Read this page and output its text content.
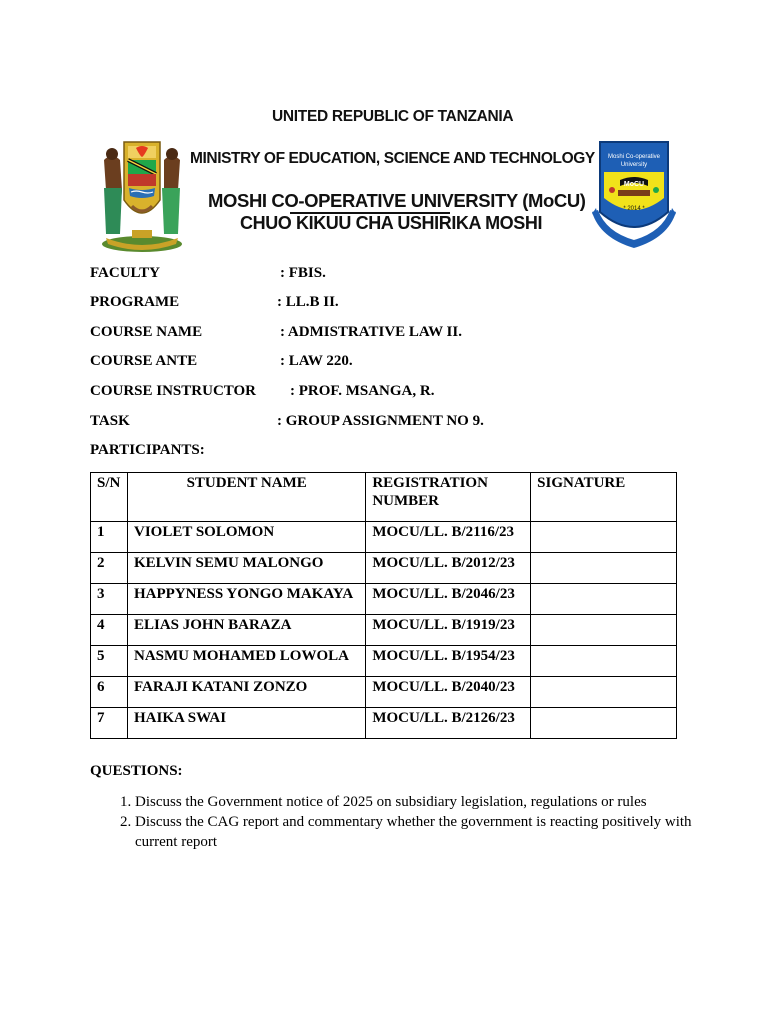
UNITED REPUBLIC OF TANZANIA
MINISTRY OF EDUCATION, SCIENCE AND TECHNOLOGY
MOSHI CO-OPERATIVE UNIVERSITY (MoCU)
CHUO KIKUU CHA USHIRIKA MOSHI
Moshi Co-operative
University
MoCU
* 2014 *
FACULTY	: FBIS.
PROGRAME	: LL.B II.
COURSE NAME	: ADMISTRATIVE LAW II.
COURSE ANTE	: LAW 220.
COURSE INSTRUCTOR : PROF. MSANGA, R.
TASK	: GROUP ASSIGNMENT NO 9.
PARTICIPANTS:
S/N	STUDENT NAME	REGISTRATION NUMBER	SIGNATURE
1	VIOLET SOLOMON	MOCU/LL. B/2116/23	
2	KELVIN SEMU MALONGO	MOCU/LL. B/2012/23	
3	HAPPYNESS YONGO MAKAYA	MOCU/LL. B/2046/23	
4	ELIAS JOHN BARAZA	MOCU/LL. B/1919/23	
5	NASMU MOHAMED LOWOLA	MOCU/LL. B/1954/23	
6	FARAJI KATANI ZONZO	MOCU/LL. B/2040/23	
7	HAIKA SWAI	MOCU/LL. B/2126/23	
QUESTIONS:
1. Discuss the Government notice of 2025 on subsidiary legislation, regulations or rules
2. Discuss the CAG report and commentary whether the government is reacting positively with current report
